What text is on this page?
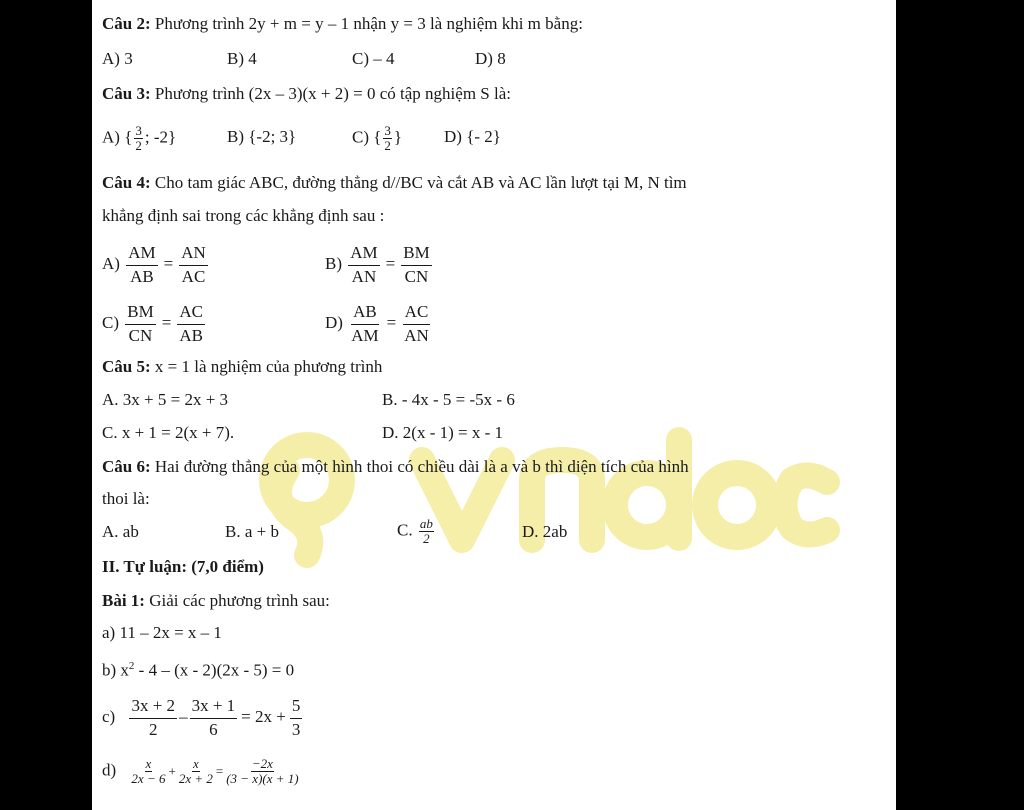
Câu 2: Phương trình 2y + m = y – 1 nhận y = 3 là nghiệm khi m bằng:
A) 3	B) 4	C) – 4	D) 8
Câu 3: Phương trình (2x – 3)(x + 2) = 0 có tập nghiệm S là:
A) { $\frac{3}{2}$ ; -2}	B) {-2; 3}	C) { $\frac{3}{2}$ } D) {- 2}
Câu 4: Cho tam giác ABC, đường thẳng d//BC và cắt AB và AC lần lượt tại M, N tìm
khẳng định sai trong các khẳng định sau :
$A) \frac{AM}{AB} = \frac{AN}{AC}$	$B) \frac{AM}{AN} = \frac{BM}{CN}$
$C) \frac{BM}{CN} = \frac{AC}{AB}$	$D) \frac{AB}{AM} = \frac{AC}{AN}$
Câu 5: x = 1 là nghiệm của phương trình
A. 3x + 5 = 2x + 3	B. - 4x - 5 = -5x - 6
C. x + 1 = 2(x + 7).	D. 2(x - 1) = x - 1
Câu 6: Hai đường thẳng của một hình thoi có chiều dài là a và b thì diện tích của hình
thoi là:
A. ab	B. a + b	C. $\frac{ab}{2}$	D. 2ab
II. Tự luận: (7,0 điểm)
Bài 1: Giải các phương trình sau:
a) 11 – 2x = x – 1
b) $x^2 - 4 - (x - 2)(2x - 5) = 0$
$c) \frac{3x + 2}{2} - \frac{3x + 1}{6} = 2x + \frac{5}{3}$
$d) \frac{x}{2x - 6} + \frac{x}{2x + 2} = \frac{-2x}{(3 - x)(x + 1)}$
